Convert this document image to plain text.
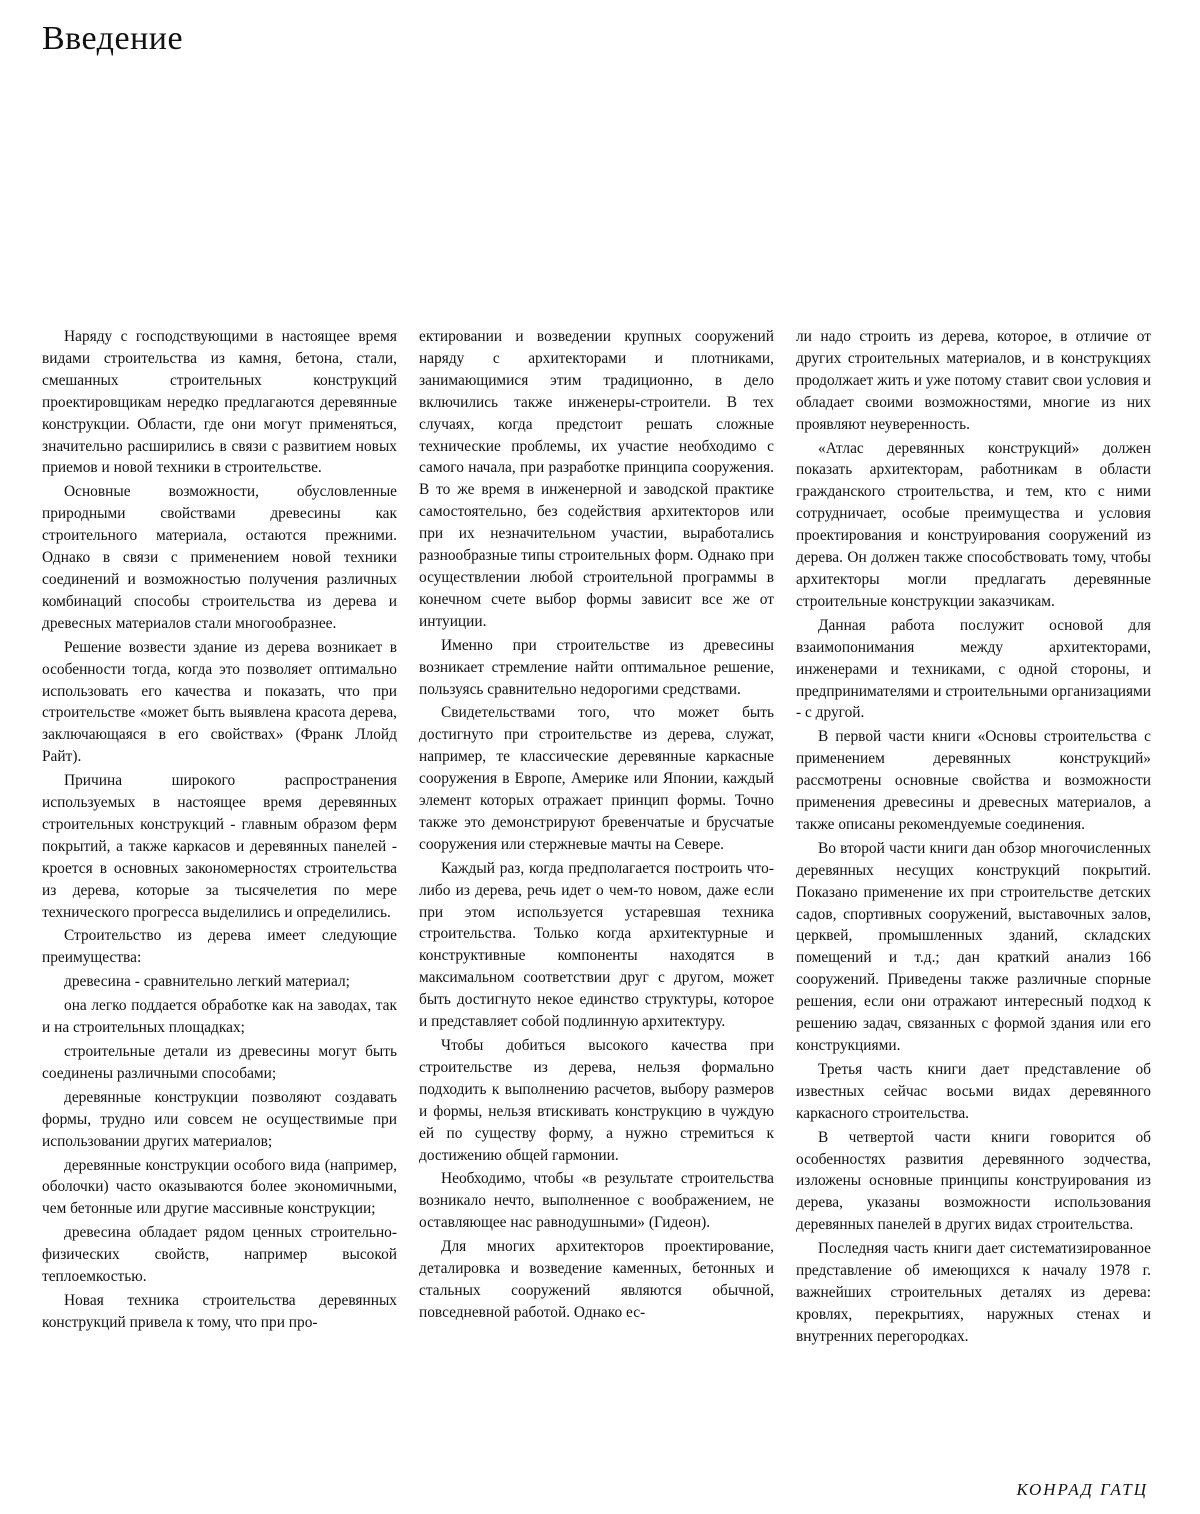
Введение

Наряду с господствующими в настоящее время видами строительства из камня, бетона, стали, смешанных строительных конструкций проектировщикам нередко предлагаются деревянные конструкции. Области, где они могут применяться, значительно расширились в связи с развитием новых приемов и новой техники в строительстве.

Основные возможности, обусловленные природными свойствами древесины как строительного материала, остаются прежними. Однако в связи с применением новой техники соединений и возможностью получения различных комбинаций способы строительства из дерева и древесных материалов стали многообразнее.

Решение возвести здание из дерева возникает в особенности тогда, когда это позволяет оптимально использовать его качества и показать, что при строительстве «может быть выявлена красота дерева, заключающаяся в его свойствах» (Франк Ллойд Райт).

Причина широкого распространения используемых в настоящее время деревянных строительных конструкций - главным образом ферм покрытий, а также каркасов и деревянных панелей - кроется в основных закономерностях строительства из дерева, которые за тысячелетия по мере технического прогресса выделились и определились.

Строительство из дерева имеет следующие преимущества:

древесина - сравнительно легкий материал;

она легко поддается обработке как на заводах, так и на строительных площадках;

строительные детали из древесины могут быть соединены различными способами;

деревянные конструкции позволяют создавать формы, трудно или совсем не осуществимые при использовании других материалов;

деревянные конструкции особого вида (например, оболочки) часто оказываются более экономичными, чем бетонные или другие массивные конструкции;

древесина обладает рядом ценных строительно-физических свойств, например высокой теплоемкостью.

Новая техника строительства деревянных конструкций привела к тому, что при про-

ектировании и возведении крупных сооружений наряду с архитекторами и плотниками, занимающимися этим традиционно, в дело включились также инженеры-строители. В тех случаях, когда предстоит решать сложные технические проблемы, их участие необходимо с самого начала, при разработке принципа сооружения. В то же время в инженерной и заводской практике самостоятельно, без содействия архитекторов или при их незначительном участии, выработались разнообразные типы строительных форм. Однако при осуществлении любой строительной программы в конечном счете выбор формы зависит все же от интуиции.

Именно при строительстве из древесины возникает стремление найти оптимальное решение, пользуясь сравнительно недорогими средствами.

Свидетельствами того, что может быть достигнуто при строительстве из дерева, служат, например, те классические деревянные каркасные сооружения в Европе, Америке или Японии, каждый элемент которых отражает принцип формы. Точно также это демонстрируют бревенчатые и брусчатые сооружения или стержневые мачты на Севере.

Каждый раз, когда предполагается построить что-либо из дерева, речь идет о чем-то новом, даже если при этом используется устаревшая техника строительства. Только когда архитектурные и конструктивные компоненты находятся в максимальном соответствии друг с другом, может быть достигнуто некое единство структуры, которое и представляет собой подлинную архитектуру.

Чтобы добиться высокого качества при строительстве из дерева, нельзя формально подходить к выполнению расчетов, выбору размеров и формы, нельзя втискивать конструкцию в чуждую ей по существу форму, а нужно стремиться к достижению общей гармонии.

Необходимо, чтобы «в результате строительства возникало нечто, выполненное с воображением, не оставляющее нас равнодушными» (Гидеон).

Для многих архитекторов проектирование, деталировка и возведение каменных, бетонных и стальных сооружений являются обычной, повседневной работой. Однако ес-

ли надо строить из дерева, которое, в отличие от других строительных материалов, и в конструкциях продолжает жить и уже потому ставит свои условия и обладает своими возможностями, многие из них проявляют неуверенность.

«Атлас деревянных конструкций» должен показать архитекторам, работникам в области гражданского строительства, и тем, кто с ними сотрудничает, особые преимущества и условия проектирования и конструирования сооружений из дерева. Он должен также способствовать тому, чтобы архитекторы могли предлагать деревянные строительные конструкции заказчикам.

Данная работа послужит основой для взаимопонимания между архитекторами, инженерами и техниками, с одной стороны, и предпринимателями и строительными организациями - с другой.

В первой части книги «Основы строительства с применением деревянных конструкций» рассмотрены основные свойства и возможности применения древесины и древесных материалов, а также описаны рекомендуемые соединения.

Во второй части книги дан обзор многочисленных деревянных несущих конструкций покрытий. Показано применение их при строительстве детских садов, спортивных сооружений, выставочных залов, церквей, промышленных зданий, складских помещений и т.д.; дан краткий анализ 166 сооружений. Приведены также различные спорные решения, если они отражают интересный подход к решению задач, связанных с формой здания или его конструкциями.

Третья часть книги дает представление об известных сейчас восьми видах деревянного каркасного строительства.

В четвертой части книги говорится об особенностях развития деревянного зодчества, изложены основные принципы конструирования из дерева, указаны возможности использования деревянных панелей в других видах строительства.

Последняя часть книги дает систематизированное представление об имеющихся к началу 1978 г. важнейших строительных деталях из дерева: кровлях, перекрытиях, наружных стенах и внутренних перегородках.

КОНРАД ГАТЦ
